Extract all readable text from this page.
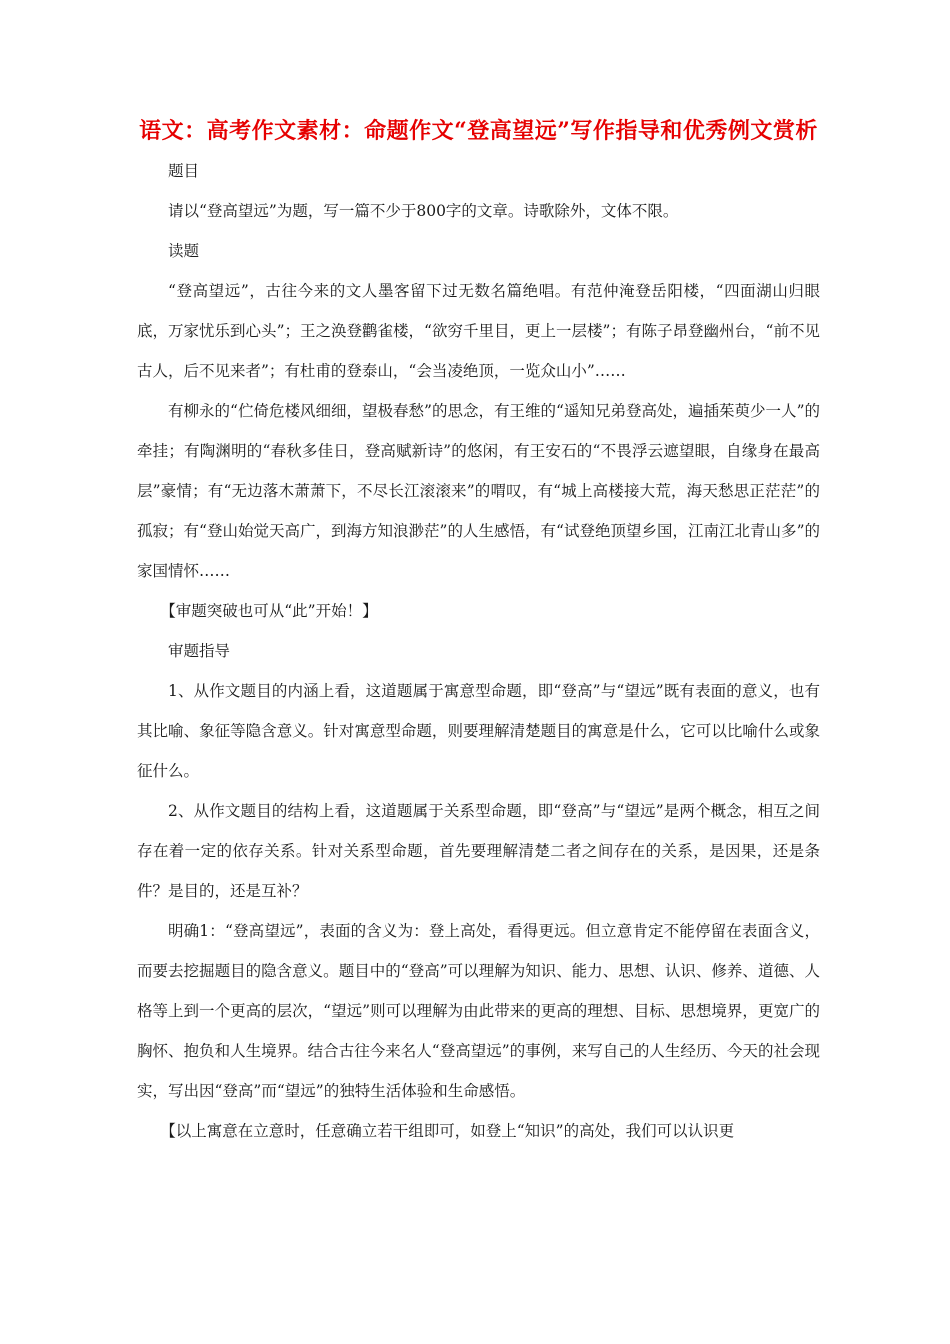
语文：高考作文素材：命题作文“登高望远”写作指导和优秀例文赏析

题目

请以“登高望远”为题，写一篇不少于800字的文章。诗歌除外，文体不限。

读题

“登高望远”，古往今来的文人墨客留下过无数名篇绝唱。有范仲淹登岳阳楼，“四面湖山归眼底，万家忧乐到心头”；王之涣登鹳雀楼，“欲穷千里目，更上一层楼”；有陈子昂登幽州台，“前不见古人，后不见来者”；有杜甫的登泰山，“会当凌绝顶，一览众山小”……

有柳永的“伫倚危楼风细细，望极春愁”的思念，有王维的“遥知兄弟登高处，遍插茱萸少一人”的牵挂；有陶渊明的“春秋多佳日，登高赋新诗”的悠闲，有王安石的“不畏浮云遮望眼，自缘身在最高层”豪情；有“无边落木萧萧下，不尽长江滚滚来”的喟叹，有“城上高楼接大荒，海天愁思正茫茫”的孤寂；有“登山始觉天高广，到海方知浪渺茫”的人生感悟，有“试登绝顶望乡国，江南江北青山多”的家国情怀……

【审题突破也可从“此”开始！】

审题指导

1、从作文题目的内涵上看，这道题属于寓意型命题，即“登高”与“望远”既有表面的意义，也有其比喻、象征等隐含意义。针对寓意型命题，则要理解清楚题目的寓意是什么，它可以比喻什么或象征什么。

2、从作文题目的结构上看，这道题属于关系型命题，即“登高”与“望远”是两个概念，相互之间存在着一定的依存关系。针对关系型命题，首先要理解清楚二者之间存在的关系，是因果，还是条件？是目的，还是互补？

明确1：“登高望远”，表面的含义为：登上高处，看得更远。但立意肯定不能停留在表面含义，而要去挖掘题目的隐含意义。题目中的“登高”可以理解为知识、能力、思想、认识、修养、道德、人格等上到一个更高的层次，“望远”则可以理解为由此带来的更高的理想、目标、思想境界，更宽广的胸怀、抱负和人生境界。结合古往今来名人“登高望远”的事例，来写自己的人生经历、今天的社会现实，写出因“登高”而“望远”的独特生活体验和生命感悟。

【以上寓意在立意时，任意确立若干组即可，如登上“知识”的高处，我们可以认识更
